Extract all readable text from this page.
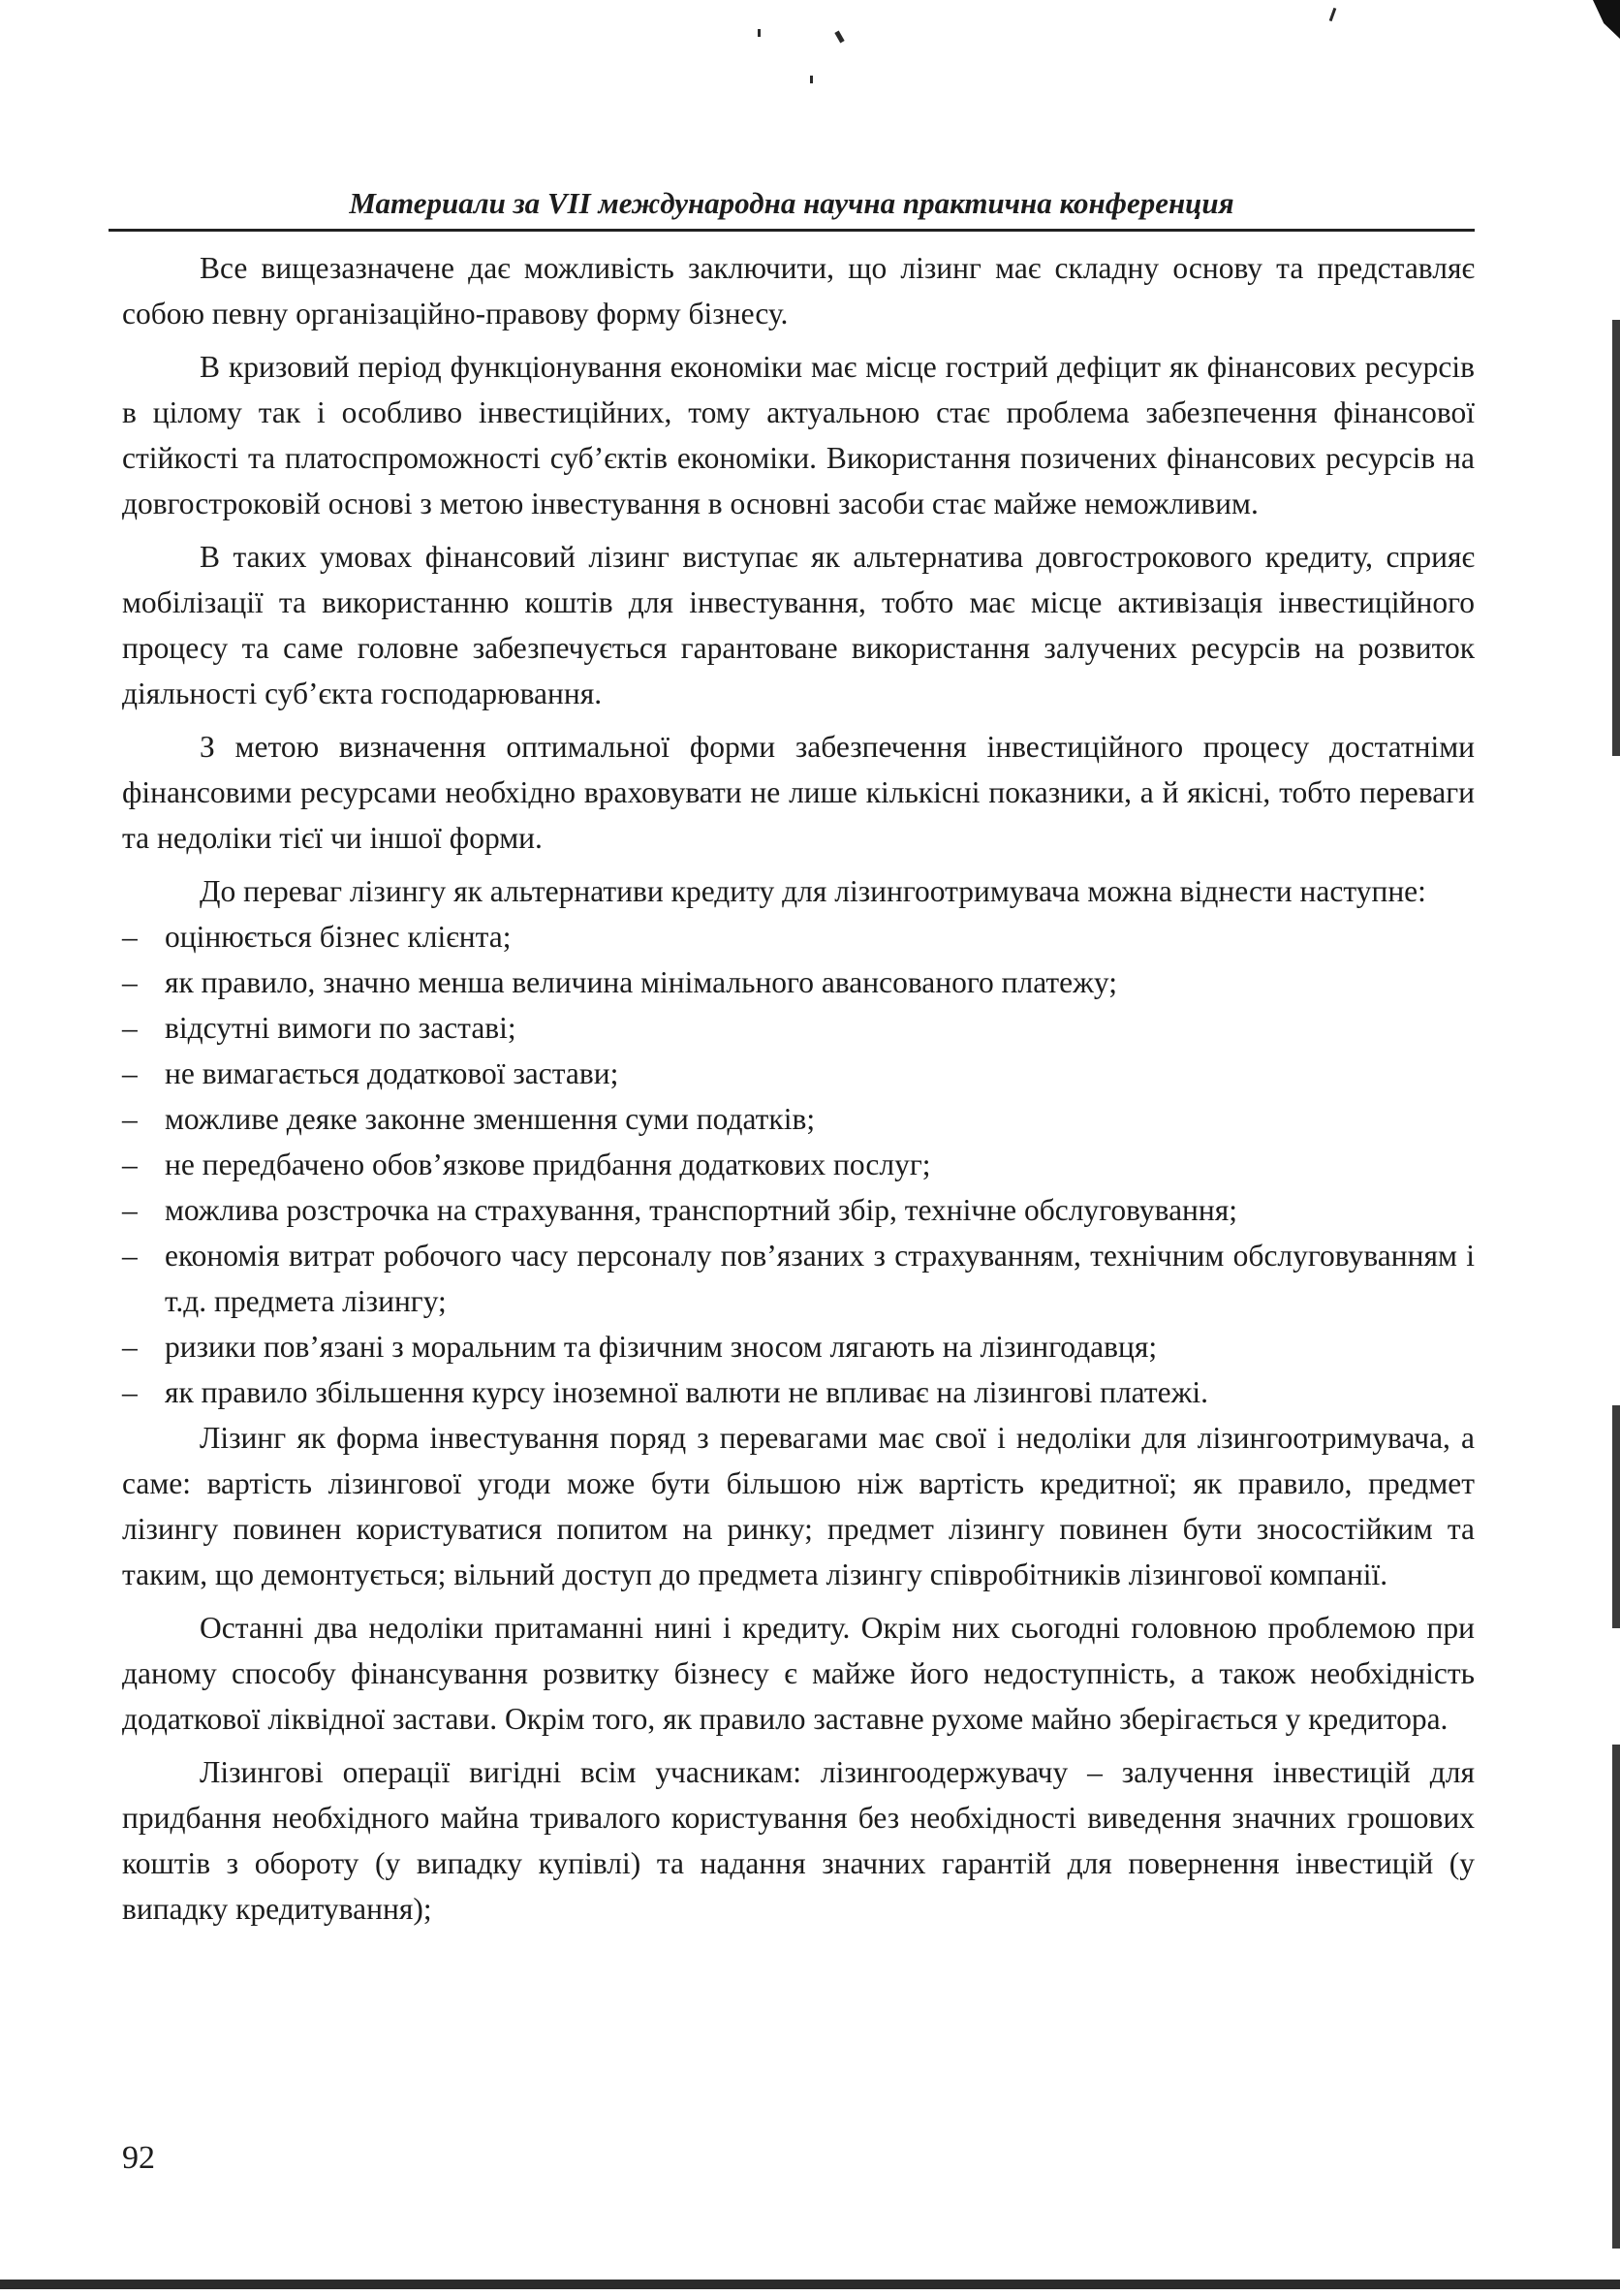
Материали за VII международна научна практична конференция

Все вищезазначене дає можливість заключити, що лізинг має складну основу та представляє собою певну організаційно-правову форму бізнесу.

В кризовий період функціонування економіки має місце гострий дефіцит як фінансових ресурсів в цілому так і особливо інвестиційних, тому актуальною стає проблема забезпечення фінансової стійкості та платоспроможності суб’єктів економіки. Використання позичених фінансових ресурсів на довгостроковій основі з метою інвестування в основні засоби стає майже неможливим.

В таких умовах фінансовий лізинг виступає як альтернатива довгострокового кредиту, сприяє мобілізації та використанню коштів для інвестування, тобто має місце активізація інвестиційного процесу та саме головне забезпечується гарантоване використання залучених ресурсів на розвиток діяльності суб’єкта господарювання.

З метою визначення оптимальної форми забезпечення інвестиційного процесу достатніми фінансовими ресурсами необхідно враховувати не лише кількісні показники, а й якісні, тобто переваги та недоліки тієї чи іншої форми.

До переваг лізингу як альтернативи кредиту для лізингоотримувача можна віднести наступне:

– оцінюється бізнес клієнта;
– як правило, значно менша величина мінімального авансованого платежу;
– відсутні вимоги по заставі;
– не вимагається додаткової застави;
– можливе деяке законне зменшення суми податків;
– не передбачено обов’язкове придбання додаткових послуг;
– можлива розстрочка на страхування, транспортний збір, технічне обслуговування;
– економія витрат робочого часу персоналу пов’язаних з страхуванням, технічним обслуговуванням і т.д. предмета лізингу;
– ризики пов’язані з моральним та фізичним зносом лягають на лізингодавця;
– як правило збільшення курсу іноземної валюти не впливає на лізингові платежі.

Лізинг як форма інвестування поряд з перевагами має свої і недоліки для лізингоотримувача, а саме: вартість лізингової угоди може бути більшою ніж вартість кредитної; як правило, предмет лізингу повинен користуватися попитом на ринку; предмет лізингу повинен бути зносостійким та таким, що демонтується; вільний доступ до предмета лізингу співробітників лізингової компанії.

Останні два недоліки притаманні нині і кредиту. Окрім них сьогодні головною проблемою при даному способу фінансування розвитку бізнесу є майже його недоступність, а також необхідність додаткової ліквідної застави. Окрім того, як правило заставне рухоме майно зберігається у кредитора.

Лізингові операції вигідні всім учасникам: лізингоодержувачу – залучення інвестицій для придбання необхідного майна тривалого користування без необхідності виведення значних грошових коштів з обороту (у випадку купівлі) та надання значних гарантій для повернення інвестицій (у випадку кредитування);

92
